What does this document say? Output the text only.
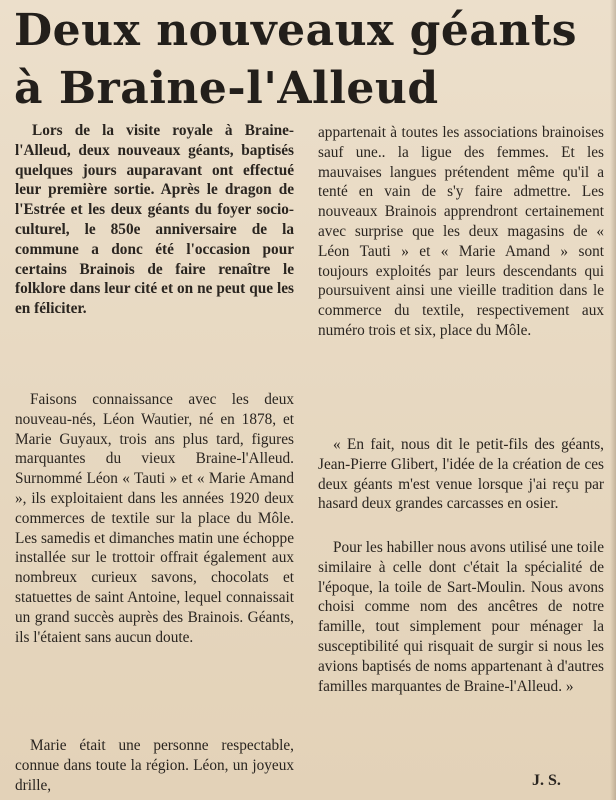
Deux nouveaux géants à Braine-l'Alleud

Lors de la visite royale à Braine-l'Alleud, deux nouveaux géants, baptisés quelques jours auparavant ont effectué leur première sortie. Après le dragon de l'Estrée et les deux géants du foyer socio-culturel, le 850e anniversaire de la commune a donc été l'occasion pour certains Brainois de faire renaître le folklore dans leur cité et on ne peut que les en féliciter.

Faisons connaissance avec les deux nouveau-nés, Léon Wautier, né en 1878, et Marie Guyaux, trois ans plus tard, figures marquantes du vieux Braine-l'Alleud. Surnommé Léon « Tauti » et « Marie Amand », ils exploitaient dans les années 1920 deux commerces de textile sur la place du Môle. Les samedis et dimanches matin une échoppe installée sur le trottoir offrait également aux nombreux curieux savons, chocolats et statuettes de saint Antoine, lequel connaissait un grand succès auprès des Brainois. Géants, ils l'étaient sans aucun doute.

Marie était une personne respectable, connue dans toute la région. Léon, un joyeux drille,

appartenait à toutes les associations brainoises sauf une.. la ligue des femmes. Et les mauvaises langues prétendent même qu'il a tenté en vain de s'y faire admettre. Les nouveaux Brainois apprendront certainement avec surprise que les deux magasins de « Léon Tauti » et « Marie Amand » sont toujours exploités par leurs descendants qui poursuivent ainsi une vieille tradition dans le commerce du textile, respectivement aux numéro trois et six, place du Môle.

« En fait, nous dit le petit-fils des géants, Jean-Pierre Glibert, l'idée de la création de ces deux géants m'est venue lorsque j'ai reçu par hasard deux grandes carcasses en osier.

Pour les habiller nous avons utilisé une toile similaire à celle dont c'était la spécialité de l'époque, la toile de Sart-Moulin. Nous avons choisi comme nom des ancêtres de notre famille, tout simplement pour ménager la susceptibilité qui risquait de surgir si nous les avions baptisés de noms appartenant à d'autres familles marquantes de Braine-l'Alleud. »

J. S.
